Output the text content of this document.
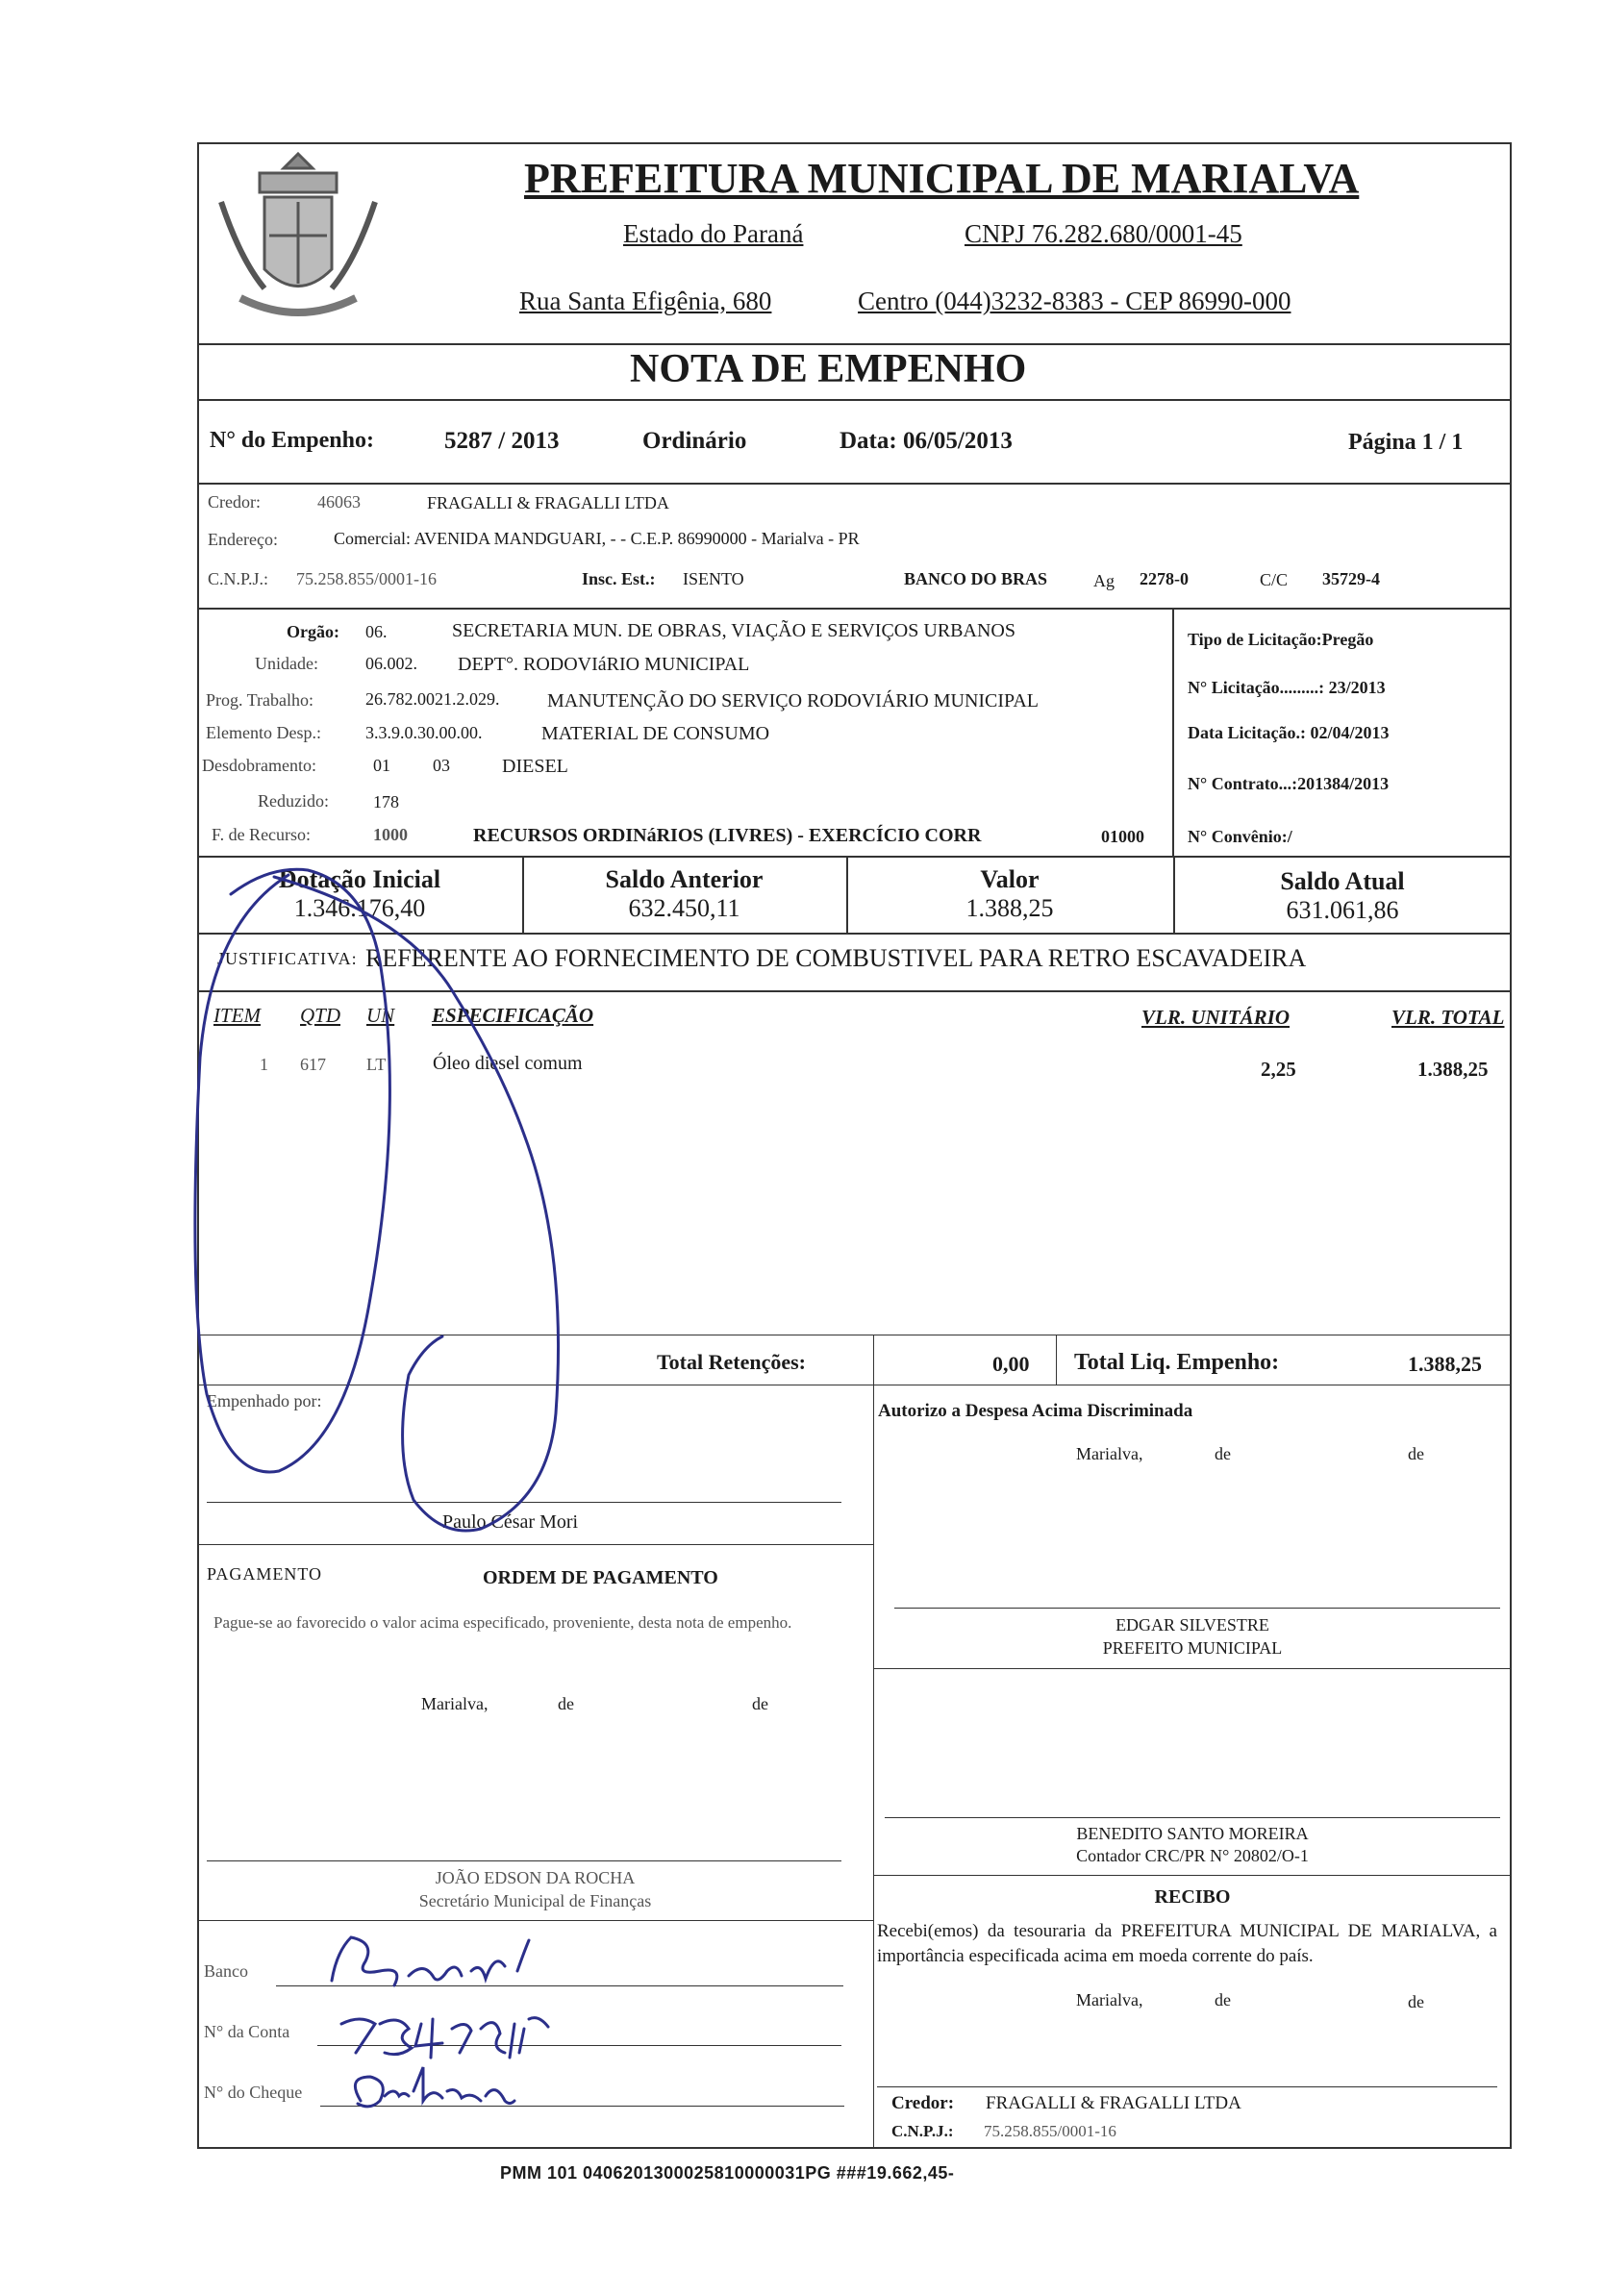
PREFEITURA MUNICIPAL DE MARIALVA
Estado do Paraná	CNPJ 76.282.680/0001-45
Rua Santa Efigênia, 680	Centro (044)3232-8383 - CEP 86990-000
NOTA DE EMPENHO
N° do Empenho:	5287 / 2013	Ordinário	Data: 06/05/2013	Página 1 / 1
Credor:	46063	FRAGALLI & FRAGALLI LTDA
Endereço:	Comercial: AVENIDA MANDGUARI, - - C.E.P. 86990000 - Marialva - PR
C.N.P.J.: 75.258.855/0001-16	Insc. Est.: ISENTO	BANCO DO BRAS	Ag 2278-0	C/C 35729-4
Orgão: 06.	SECRETARIA MUN. DE OBRAS, VIAÇÃO E SERVIÇOS URBANOS
Unidade:	06.002. DEPT°. RODOVIáRIO MUNICIPAL
Prog. Trabalho:	26.782.0021.2.029. MANUTENÇÃO DO SERVIÇO RODOVIÁRIO MUNICIPAL
Elemento Desp.:	3.3.9.0.30.00.00.	MATERIAL DE CONSUMO
Desdobramento:	01 03	DIESEL
Reduzido:	178
F. de Recurso:	1000	RECURSOS ORDINáRIOS (LIVRES) - EXERCÍCIO CORR	01000
Tipo de Licitação:Pregão
N° Licitação.........: 23/2013
Data Licitação.: 02/04/2013
N° Contrato...:201384/2013
N° Convênio:/
Dotação Inicial
1.346.176,40
Saldo Anterior
632.450,11
Valor
1.388,25
Saldo Atual
631.061,86
JUSTIFICATIVA: REFERENTE AO FORNECIMENTO DE COMBUSTIVEL PARA RETRO ESCAVADEIRA
ITEM QTD UN ESPECIFICAÇÃO	VLR. UNITÁRIO	VLR. TOTAL
1 617 LT Óleo diesel comum	2,25	1.388,25
Total Retenções:	0,00 Total Liq. Empenho:	1.388,25
Empenhado por:
Paulo César Mori
Autorizo a Despesa Acima Discriminada
Marialva,	de	de
EDGAR SILVESTRE
PREFEITO MUNICIPAL
PAGAMENTO	ORDEM DE PAGAMENTO
Pague-se ao favorecido o valor acima especificado, proveniente, desta nota de empenho.
Marialva,	de	de
JOÃO EDSON DA ROCHA
Secretário Municipal de Finanças
BENEDITO SANTO MOREIRA
Contador CRC/PR N° 20802/O-1
RECIBO
Recebi(emos) da tesouraria da PREFEITURA MUNICIPAL DE MARIALVA, a importância especificada acima em moeda corrente do país.
Marialva,	de	de
Credor: FRAGALLI & FRAGALLI LTDA
C.N.P.J.: 75.258.855/0001-16
Banco
N° da Conta
N° do Cheque
PMM 101 0406201300025810000031PG ###19.662,45-
